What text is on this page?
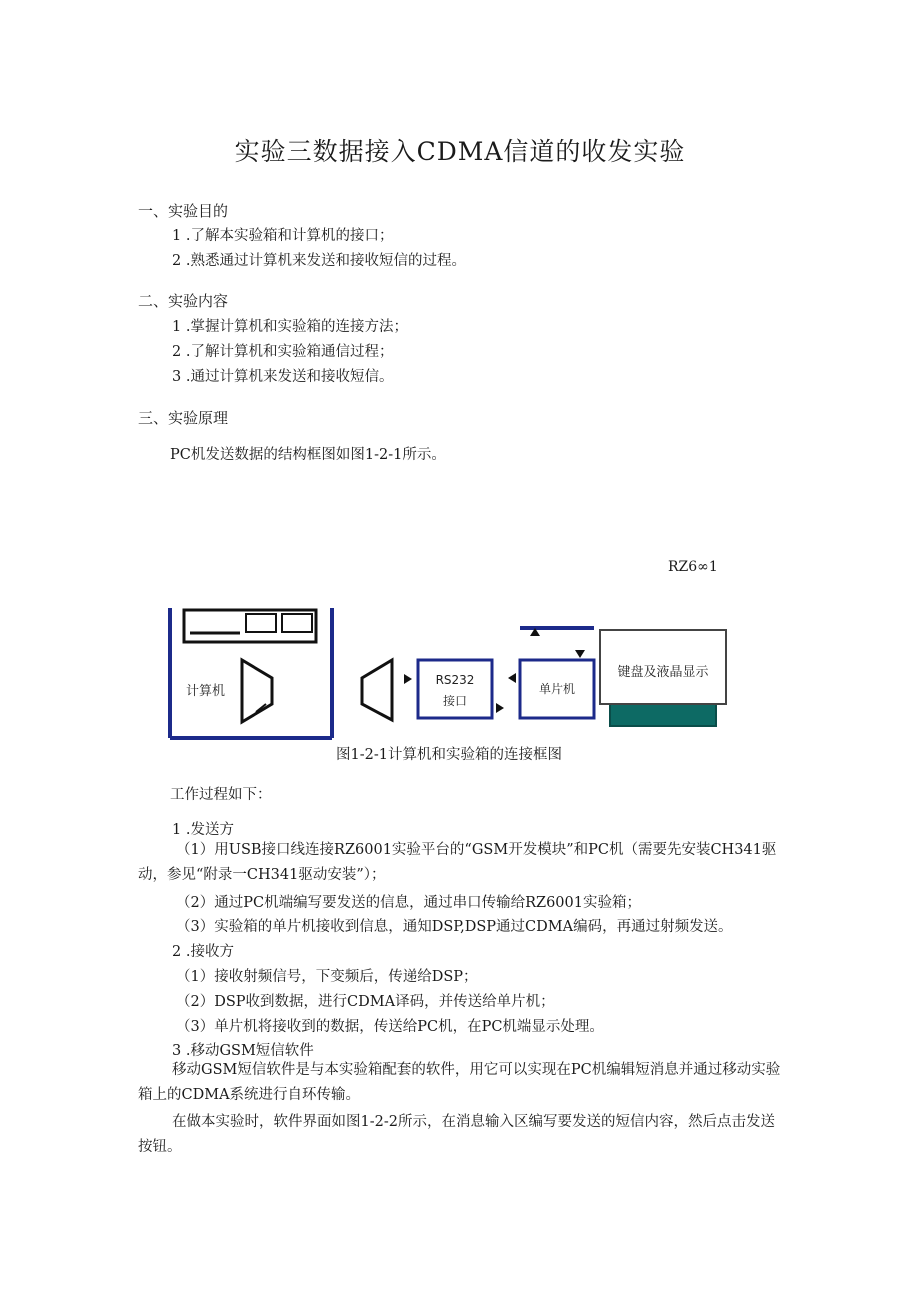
实验三数据接入CDMA信道的收发实验
一、实验目的
1 .了解本实验箱和计算机的接口；
2 .熟悉通过计算机来发送和接收短信的过程。
二、实验内容
1 .掌握计算机和实验箱的连接方法；
2 .了解计算机和实验箱通信过程；
3 .通过计算机来发送和接收短信。
三、实验原理
PC机发送数据的结构框图如图1-2-1所示。
RZ6∞1
计算机
RS232
接口
单片机
键盘及液晶显示
图1-2-1计算机和实验箱的连接框图
工作过程如下：
1 .发送方
（1）用USB接口线连接RZ6001实验平台的“GSM开发模块”和PC机（需要先安装CH341驱动，参见“附录一CH341驱动安装”）；
（2）通过PC机端编写要发送的信息，通过串口传输给RZ6001实验箱；
（3）实验箱的单片机接收到信息，通知DSP,DSP通过CDMA编码，再通过射频发送。
2 .接收方
（1）接收射频信号，下变频后，传递给DSP；
（2）DSP收到数据，进行CDMA译码，并传送给单片机；
（3）单片机将接收到的数据，传送给PC机，在PC机端显示处理。
3 .移动GSM短信软件
移动GSM短信软件是与本实验箱配套的软件，用它可以实现在PC机编辑短消息并通过移动实验箱上的CDMA系统进行自环传输。
在做本实验时，软件界面如图1-2-2所示，在消息输入区编写要发送的短信内容，然后点击发送按钮。
